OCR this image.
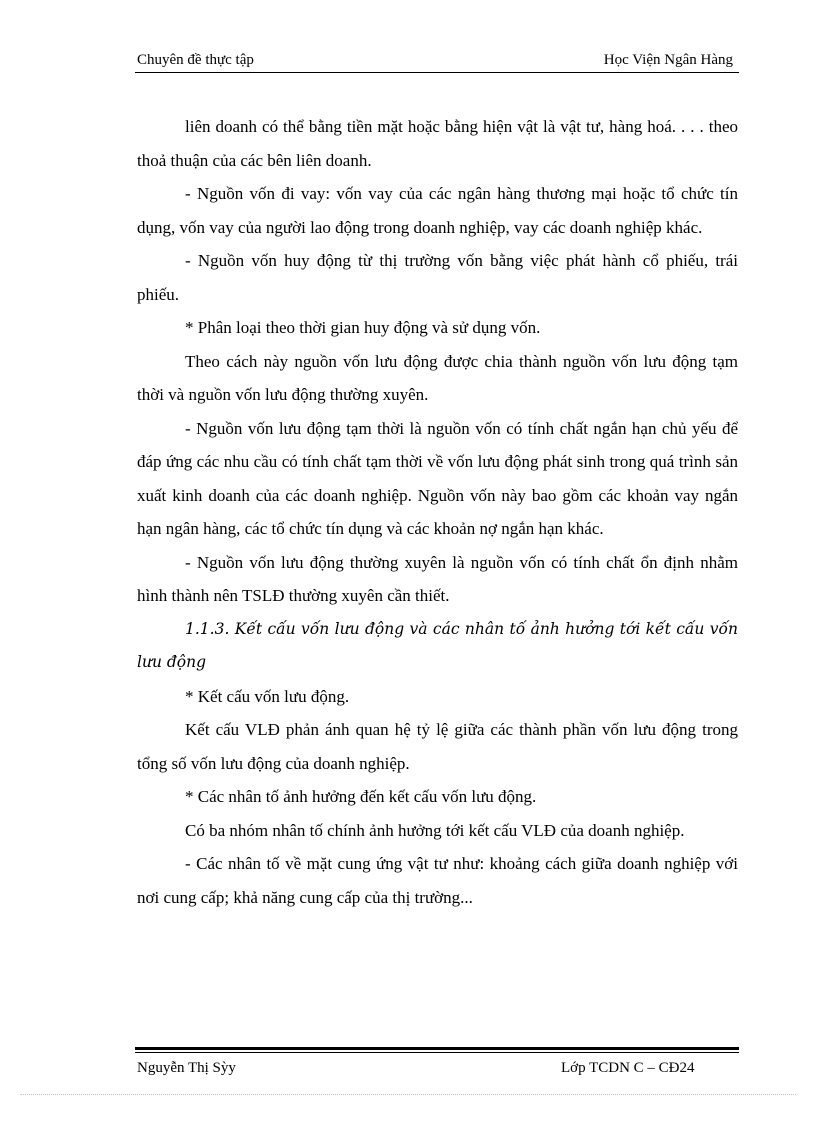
Chuyên đề thực tập	Học Viện Ngân Hàng

liên doanh có thể bằng tiền mặt hoặc bằng hiện vật là vật tư, hàng hoá. . . . theo thoả thuận của các bên liên doanh.

- Nguồn vốn đi vay: vốn vay của các ngân hàng thương mại hoặc tổ chức tín dụng, vốn vay của người lao động trong doanh nghiệp, vay các doanh nghiệp khác.

- Nguồn vốn huy động từ thị trường vốn bằng việc phát hành cổ phiếu, trái phiếu.

* Phân loại theo thời gian huy động và sử dụng vốn.

Theo cách này nguồn vốn lưu động được chia thành nguồn vốn lưu động tạm thời và nguồn vốn lưu động thường xuyên.

- Nguồn vốn lưu động tạm thời là nguồn vốn có tính chất ngắn hạn chủ yếu để đáp ứng các nhu cầu có tính chất tạm thời về vốn lưu động phát sinh trong quá trình sản xuất kinh doanh của các doanh nghiệp. Nguồn vốn này bao gồm các khoản vay ngắn hạn ngân hàng, các tổ chức tín dụng và các khoản nợ ngắn hạn khác.

- Nguồn vốn lưu động thường xuyên là nguồn vốn có tính chất ổn định nhằm hình thành nên TSLĐ thường xuyên cần thiết.

1.1.3. Kết cấu vốn lưu động và các nhân tố ảnh hưởng tới kết cấu vốn lưu động

* Kết cấu vốn lưu động.

Kết cấu VLĐ phản ánh quan hệ tỷ lệ giữa các thành phần vốn lưu động trong tổng số vốn lưu động của doanh nghiệp.

* Các nhân tố ảnh hưởng đến kết cấu vốn lưu động.

Có ba nhóm nhân tố chính ảnh hưởng tới kết cấu VLĐ của doanh nghiệp.

- Các nhân tố về mặt cung ứng vật tư như: khoảng cách giữa doanh nghiệp với nơi cung cấp; khả năng cung cấp của thị trường...

Nguyễn Thị Sỳy	Lớp TCDN C – CĐ24
